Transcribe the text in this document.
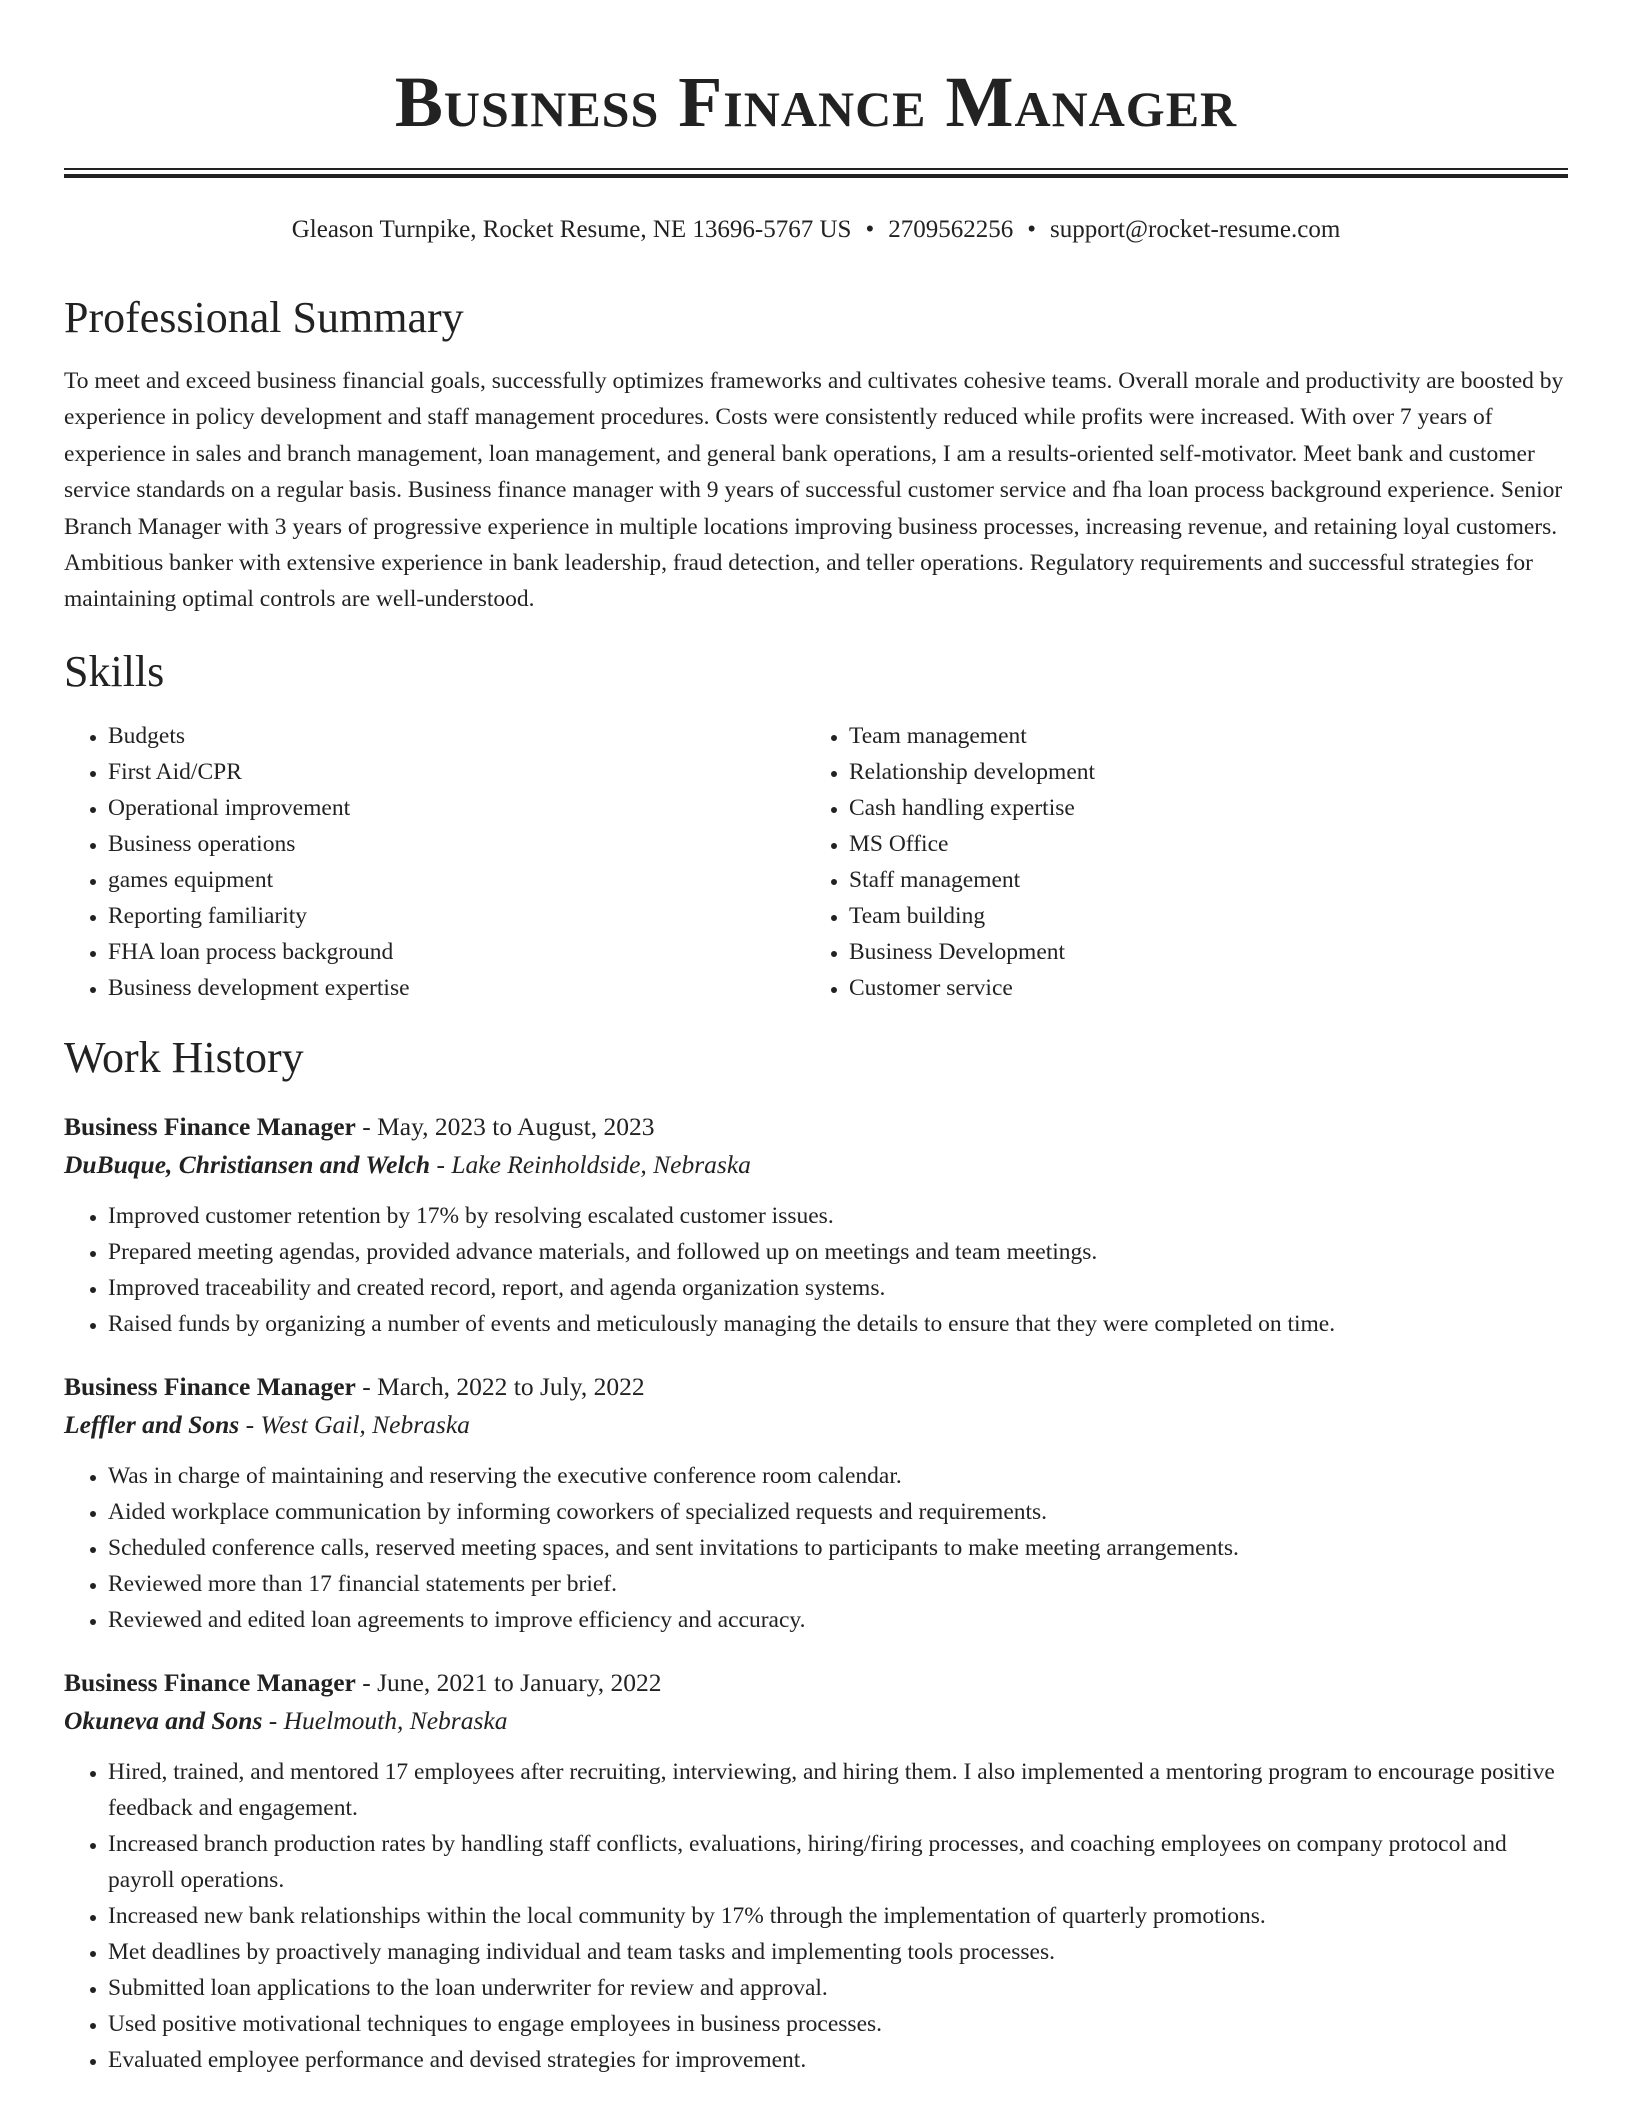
Business Finance Manager
Gleason Turnpike, Rocket Resume, NE 13696-5767 US • 2709562256 • support@rocket-resume.com
Professional Summary
To meet and exceed business financial goals, successfully optimizes frameworks and cultivates cohesive teams. Overall morale and productivity are boosted by experience in policy development and staff management procedures. Costs were consistently reduced while profits were increased. With over 7 years of experience in sales and branch management, loan management, and general bank operations, I am a results-oriented self-motivator. Meet bank and customer service standards on a regular basis. Business finance manager with 9 years of successful customer service and fha loan process background experience. Senior Branch Manager with 3 years of progressive experience in multiple locations improving business processes, increasing revenue, and retaining loyal customers. Ambitious banker with extensive experience in bank leadership, fraud detection, and teller operations. Regulatory requirements and successful strategies for maintaining optimal controls are well-understood.
Skills
• Budgets
• First Aid/CPR
• Operational improvement
• Business operations
• games equipment
• Reporting familiarity
• FHA loan process background
• Business development expertise
• Team management
• Relationship development
• Cash handling expertise
• MS Office
• Staff management
• Team building
• Business Development
• Customer service
Work History
Business Finance Manager - May, 2023 to August, 2023
DuBuque, Christiansen and Welch - Lake Reinholdside, Nebraska
• Improved customer retention by 17% by resolving escalated customer issues.
• Prepared meeting agendas, provided advance materials, and followed up on meetings and team meetings.
• Improved traceability and created record, report, and agenda organization systems.
• Raised funds by organizing a number of events and meticulously managing the details to ensure that they were completed on time.
Business Finance Manager - March, 2022 to July, 2022
Leffler and Sons - West Gail, Nebraska
• Was in charge of maintaining and reserving the executive conference room calendar.
• Aided workplace communication by informing coworkers of specialized requests and requirements.
• Scheduled conference calls, reserved meeting spaces, and sent invitations to participants to make meeting arrangements.
• Reviewed more than 17 financial statements per brief.
• Reviewed and edited loan agreements to improve efficiency and accuracy.
Business Finance Manager - June, 2021 to January, 2022
Okuneva and Sons - Huelmouth, Nebraska
• Hired, trained, and mentored 17 employees after recruiting, interviewing, and hiring them. I also implemented a mentoring program to encourage positive feedback and engagement.
• Increased branch production rates by handling staff conflicts, evaluations, hiring/firing processes, and coaching employees on company protocol and payroll operations.
• Increased new bank relationships within the local community by 17% through the implementation of quarterly promotions.
• Met deadlines by proactively managing individual and team tasks and implementing tools processes.
• Submitted loan applications to the loan underwriter for review and approval.
• Used positive motivational techniques to engage employees in business processes.
• Evaluated employee performance and devised strategies for improvement.
